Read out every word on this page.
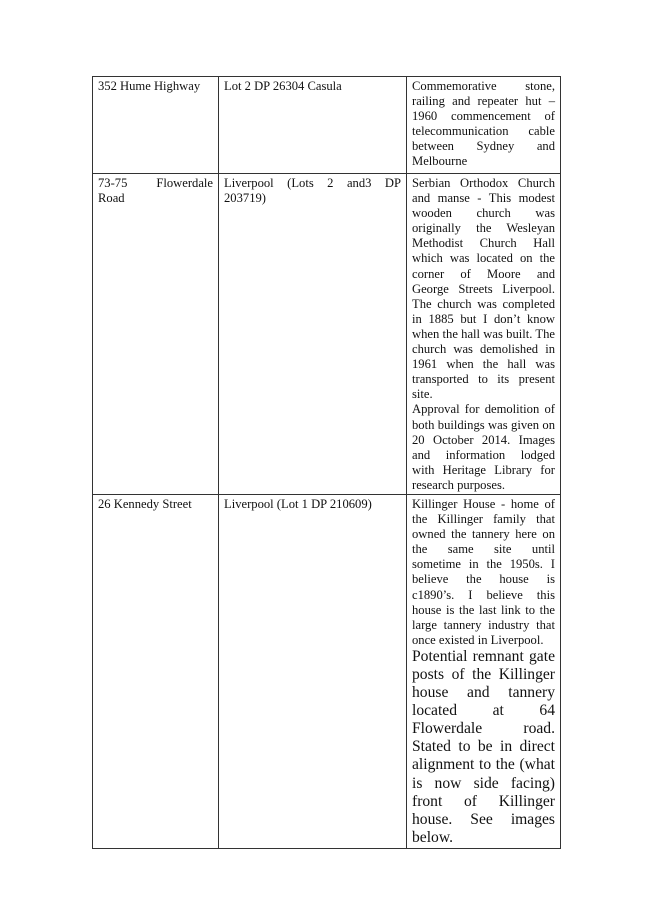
352 Hume Highway	Lot 2 DP 26304 Casula	Commemorative stone, railing and repeater hut – 1960 commencement of telecommunication cable between Sydney and Melbourne

73-75 Flowerdale Road	Liverpool (Lots 2 and3 DP 203719)	Serbian Orthodox Church and manse - This modest wooden church was originally the Wesleyan Methodist Church Hall which was located on the corner of Moore and George Streets Liverpool. The church was completed in 1885 but I don’t know when the hall was built. The church was demolished in 1961 when the hall was transported to its present site.

Approval for demolition of both buildings was given on 20 October 2014. Images and information lodged with Heritage Library for research purposes.

26 Kennedy Street	Liverpool (Lot 1 DP 210609)	Killinger House - home of the Killinger family that owned the tannery here on the same site until sometime in the 1950s. I believe the house is c1890’s. I believe this house is the last link to the large tannery industry that once existed in Liverpool.

Potential remnant gate posts of the Killinger house and tannery located at 64 Flowerdale road. Stated to be in direct alignment to the (what is now side facing) front of Killinger house. See images below.
